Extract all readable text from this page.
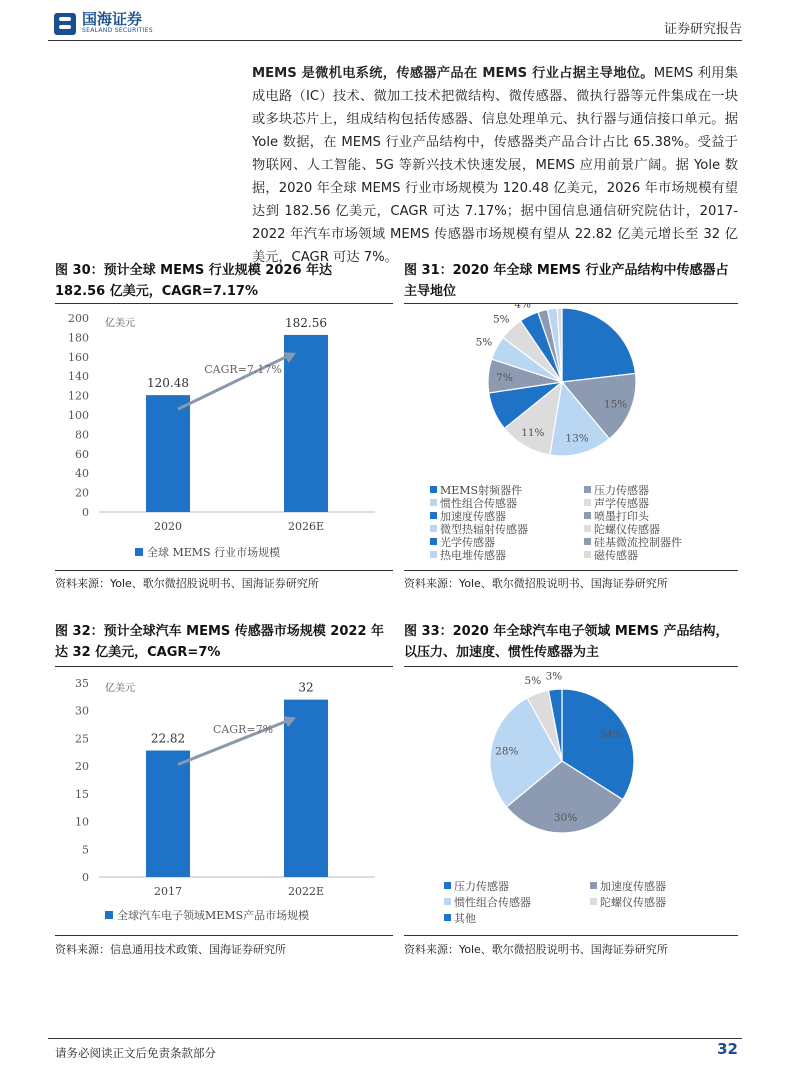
国海证券
SEALAND SECURITIES	证券研究报告
MEMS 是微机电系统，传感器产品在 MEMS 行业占据主导地位。MEMS 利用集成电路（IC）技术、微加工技术把微结构、微传感器、微执行器等元件集成在一块或多块芯片上，组成结构包括传感器、信息处理单元、执行器与通信接口单元。据 Yole 数据，在 MEMS 行业产品结构中，传感器类产品合计占比 65.38%。受益于物联网、人工智能、5G 等新兴技术快速发展，MEMS 应用前景广阔。据 Yole 数据，2020 年全球 MEMS 行业市场规模为 120.48 亿美元，2026 年市场规模有望达到 182.56 亿美元，CAGR 可达 7.17%；据中国信息通信研究院估计，2017-2022 年汽车市场领域 MEMS 传感器市场规模有望从 22.82 亿美元增长至 32 亿美元，CAGR 可达 7%。
图 30：预计全球 MEMS 行业规模 2026 年达 182.56 亿美元，CAGR=7.17%
0
20
40
60
80
100
120
140
160
180
200 亿美元
120.48
2020
182.56
2026E
CAGR=7.17%
全球 MEMS 行业市场规模
资料来源：Yole、歌尔微招股说明书、国海证券研究所
图 31：2020 年全球 MEMS 行业产品结构中传感器占主导地位
15%
13%
11%
7%
5%
5%
4%
MEMS射频器件	压力传感器
惯性组合传感器	声学传感器
加速度传感器	喷墨打印头
微型热辐射传感器	陀螺仪传感器
光学传感器	硅基微流控制器件
热电堆传感器	磁传感器
资料来源：Yole、歌尔微招股说明书、国海证券研究所
图 32：预计全球汽车 MEMS 传感器市场规模 2022 年达 32 亿美元，CAGR=7%
0
5
10
15
20
25
30
35 亿美元
22.82
2017
32
2022E
CAGR=7%
全球汽车电子领域MEMS产品市场规模
资料来源：信息通用技术政策、国海证券研究所
图 33：2020 年全球汽车电子领域 MEMS 产品结构，以压力、加速度、惯性传感器为主
34%
30%
28%
5% 3%
压力传感器	加速度传感器
惯性组合传感器	陀螺仪传感器
其他
资料来源：Yole、歌尔微招股说明书、国海证券研究所
请务必阅读正文后免责条款部分	32
